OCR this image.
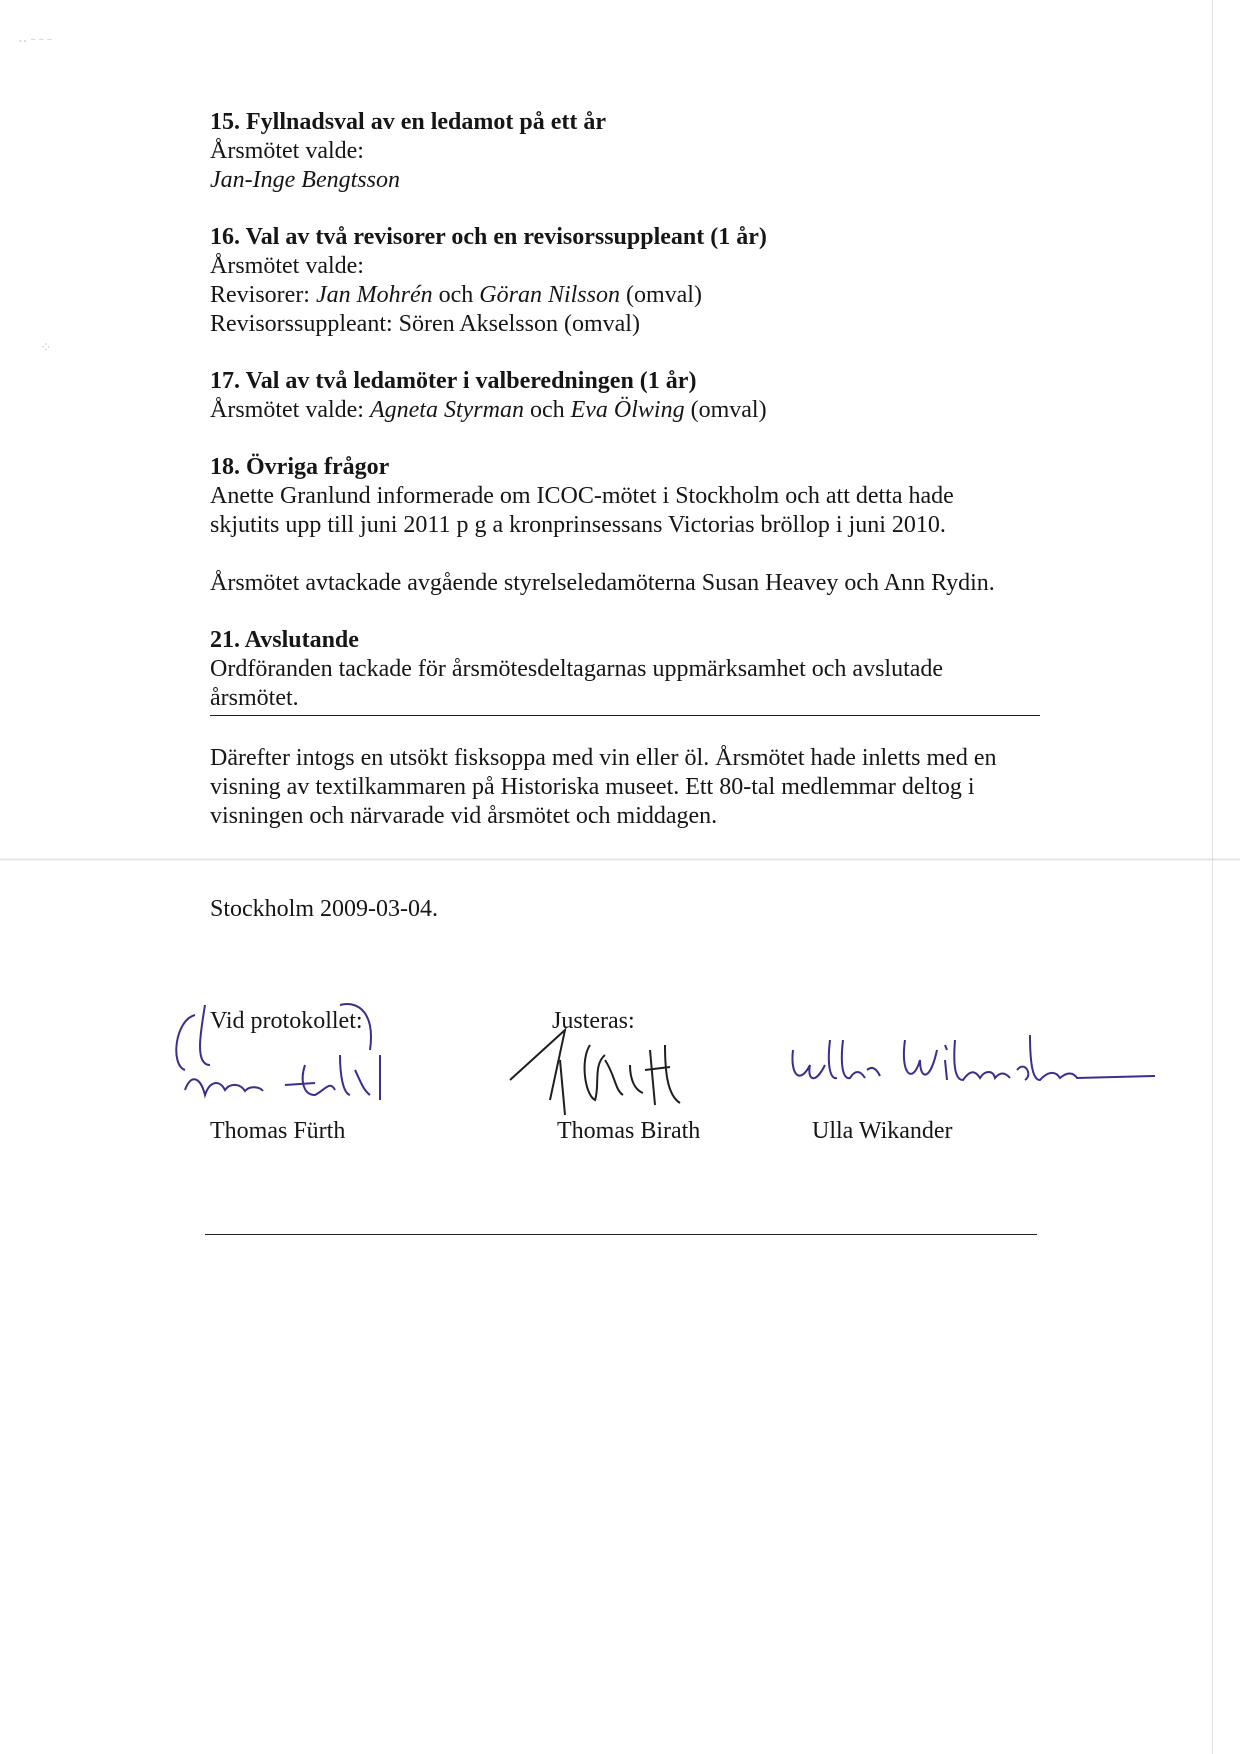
‥ ˗ ˗ ˗
⁘
15. Fyllnadsval av en ledamot på ett år
Årsmötet valde:
Jan-Inge Bengtsson
16. Val av två revisorer och en revisorssuppleant (1 år)
Årsmötet valde:
Revisorer: Jan Mohrén och Göran Nilsson (omval)
Revisorssuppleant: Sören Akselsson (omval)
17. Val av två ledamöter i valberedningen (1 år)
Årsmötet valde: Agneta Styrman och Eva Ölwing (omval)
18. Övriga frågor
Anette Granlund informerade om ICOC-mötet i Stockholm och att detta hade
skjutits upp till juni 2011 p g a kronprinsessans Victorias bröllop i juni 2010.
Årsmötet avtackade avgående styrelseledamöterna Susan Heavey och Ann Rydin.
21. Avslutande
Ordföranden tackade för årsmötesdeltagarnas uppmärksamhet och avslutade
årsmötet.
Därefter intogs en utsökt fisksoppa med vin eller öl. Årsmötet hade inletts med en
visning av textilkammaren på Historiska museet. Ett 80-tal medlemmar deltog i
visningen och närvarade vid årsmötet och middagen.
Stockholm 2009-03-04.
Vid protokollet:
Thomas Fürth
Justeras:
Thomas Birath	Ulla Wikander
